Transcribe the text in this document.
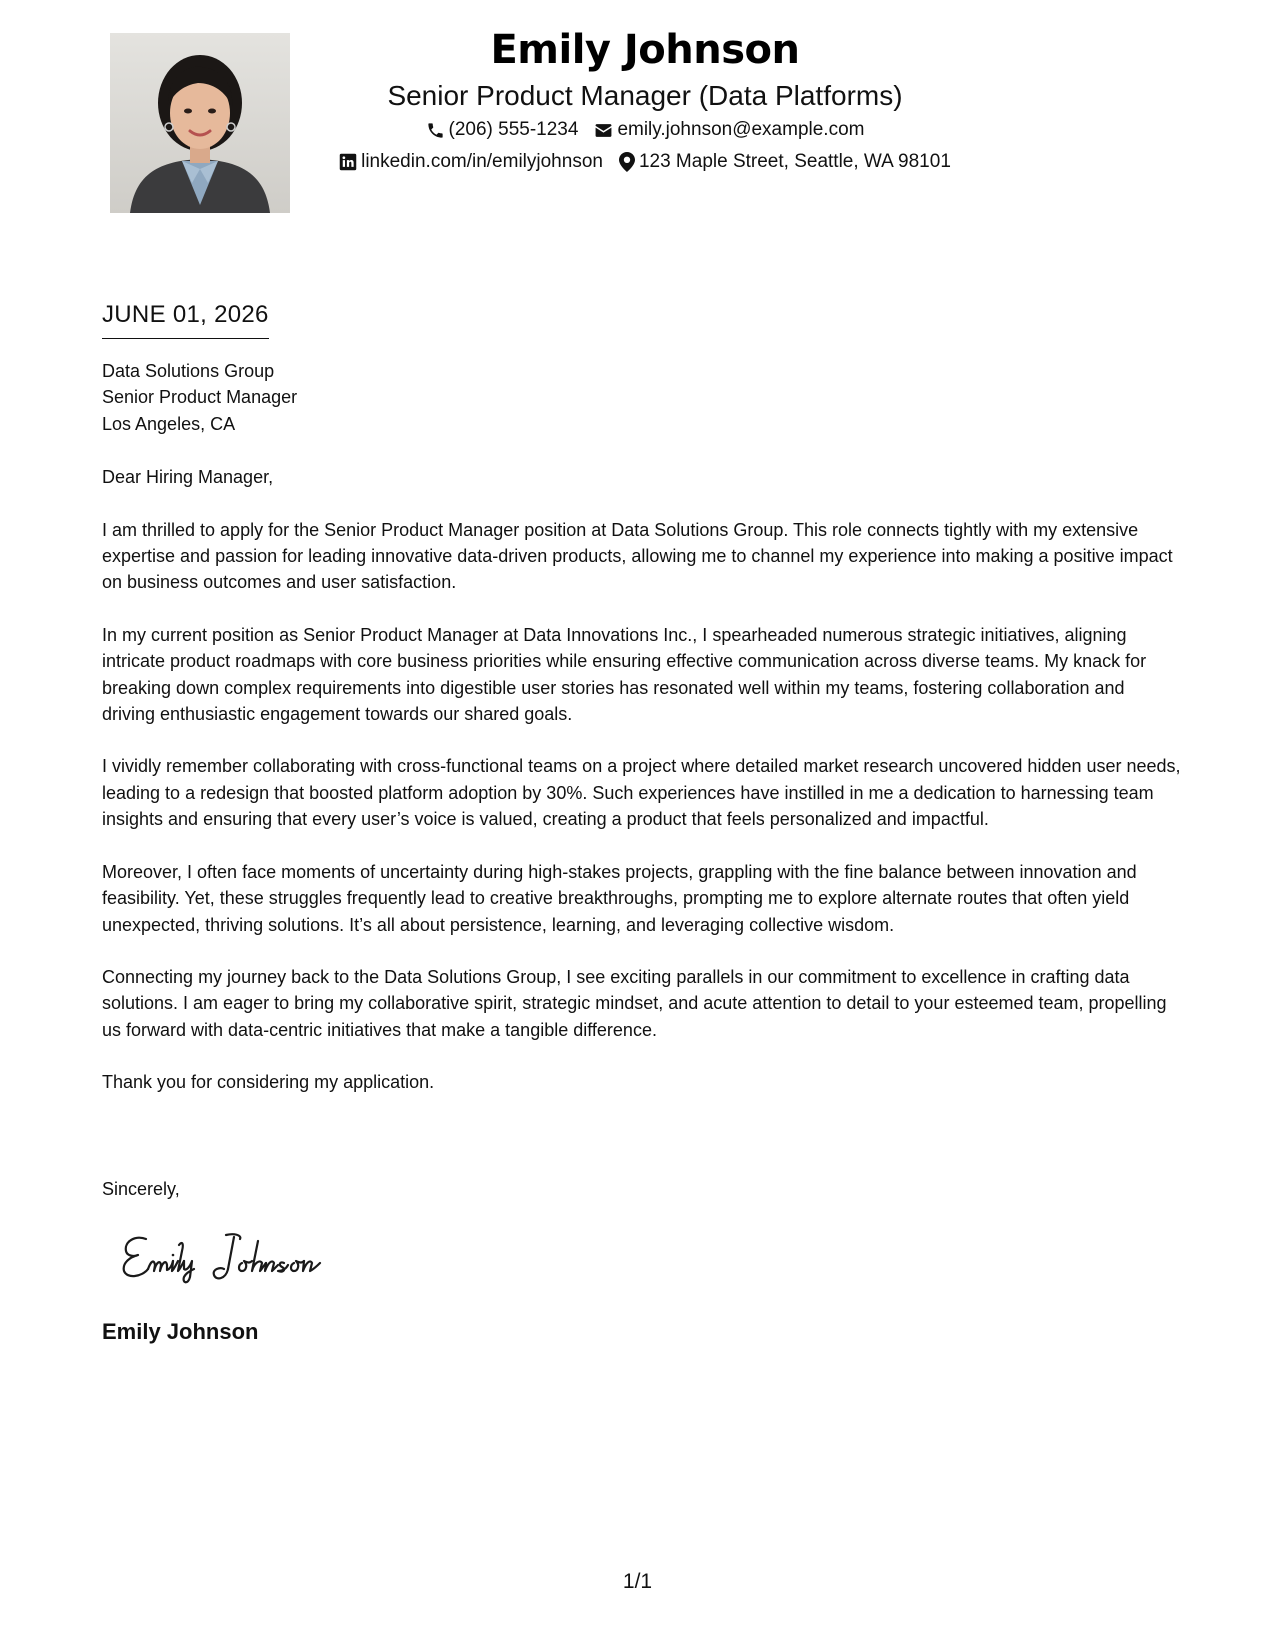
Emily Johnson
Senior Product Manager (Data Platforms)
(206) 555-1234 emily.johnson@example.com
linkedin.com/in/emilyjohnson 123 Maple Street, Seattle, WA 98101
JUNE 01, 2026

Data Solutions Group

Senior Product Manager

Los Angeles, CA

Dear Hiring Manager,

I am thrilled to apply for the Senior Product Manager position at Data Solutions Group. This role connects tightly with my extensive expertise and passion for leading innovative data-driven products, allowing me to channel my experience into making a positive impact on business outcomes and user satisfaction.

In my current position as Senior Product Manager at Data Innovations Inc., I spearheaded numerous strategic initiatives, aligning intricate product roadmaps with core business priorities while ensuring effective communication across diverse teams. My knack for breaking down complex requirements into digestible user stories has resonated well within my teams, fostering collaboration and driving enthusiastic engagement towards our shared goals.

I vividly remember collaborating with cross-functional teams on a project where detailed market research uncovered hidden user needs, leading to a redesign that boosted platform adoption by 30%. Such experiences have instilled in me a dedication to harnessing team insights and ensuring that every user’s voice is valued, creating a product that feels personalized and impactful.

Moreover, I often face moments of uncertainty during high-stakes projects, grappling with the fine balance between innovation and feasibility. Yet, these struggles frequently lead to creative breakthroughs, prompting me to explore alternate routes that often yield unexpected, thriving solutions. It’s all about persistence, learning, and leveraging collective wisdom.

Connecting my journey back to the Data Solutions Group, I see exciting parallels in our commitment to excellence in crafting data solutions. I am eager to bring my collaborative spirit, strategic mindset, and acute attention to detail to your esteemed team, propelling us forward with data-centric initiatives that make a tangible difference.

Thank you for considering my application.

Sincerely,
Emily Johnson
1/1
